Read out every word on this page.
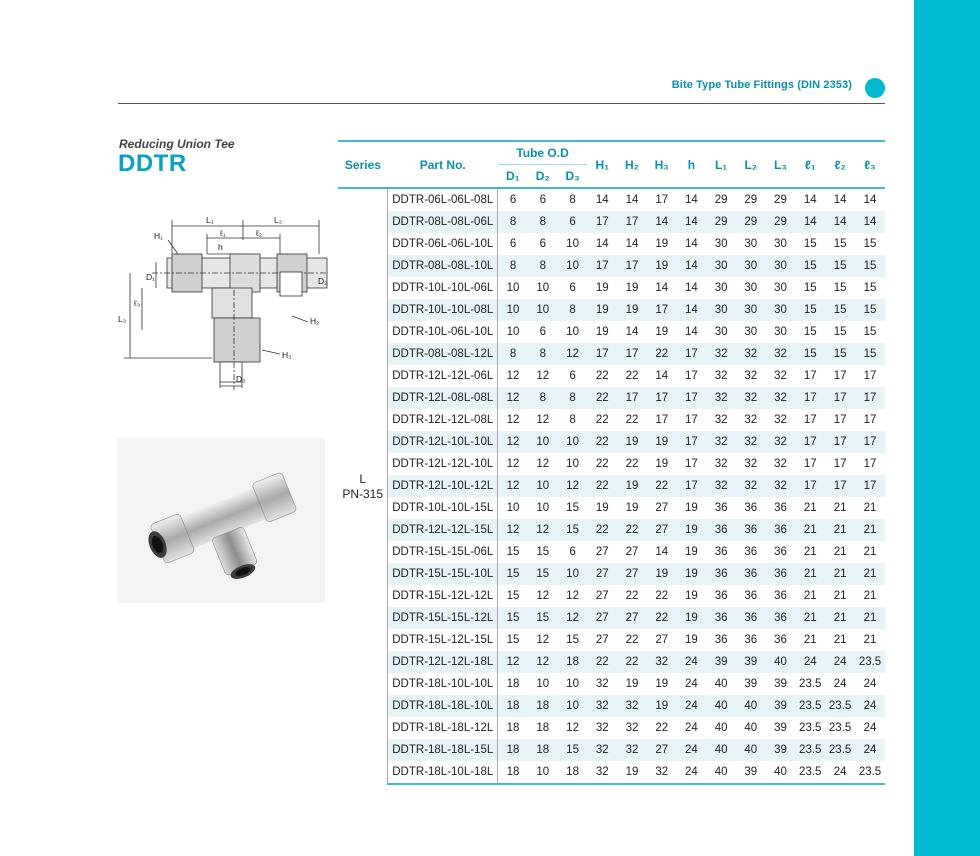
Bite Type Tube Fittings (DIN 2353)
Reducing Union Tee
DDTR
L₁	L₂
H₁	ℓ₁	ℓ₂
h
D₁	D₂
ℓ₃
L₃	H₂
H₃
D₃
Series	Part No.	Tube O.D			H₁	H₂	H₃	h	L₁	L₂	L₃	ℓ₁	ℓ₂	ℓ₃
		D₁	D₂	D₃										

L
PN-315	DDTR-06L-06L-08L	6	6	8	14	14	17	14	29	29	29	14	14	14
	DDTR-08L-08L-06L	8	8	6	17	17	14	14	29	29	29	14	14	14
	DDTR-06L-06L-10L	6	6	10	14	14	19	14	30	30	30	15	15	15
	DDTR-08L-08L-10L	8	8	10	17	17	19	14	30	30	30	15	15	15
	DDTR-10L-10L-06L	10	10	6	19	19	14	14	30	30	30	15	15	15
	DDTR-10L-10L-08L	10	10	8	19	19	17	14	30	30	30	15	15	15
	DDTR-10L-06L-10L	10	6	10	19	14	19	14	30	30	30	15	15	15
	DDTR-08L-08L-12L	8	8	12	17	17	22	17	32	32	32	15	15	15
	DDTR-12L-12L-06L	12	12	6	22	22	14	17	32	32	32	17	17	17
	DDTR-12L-08L-08L	12	8	8	22	17	17	17	32	32	32	17	17	17
	DDTR-12L-12L-08L	12	12	8	22	22	17	17	32	32	32	17	17	17
	DDTR-12L-10L-10L	12	10	10	22	19	19	17	32	32	32	17	17	17
	DDTR-12L-12L-10L	12	12	10	22	22	19	17	32	32	32	17	17	17
	DDTR-12L-10L-12L	12	10	12	22	19	22	17	32	32	32	17	17	17
	DDTR-10L-10L-15L	10	10	15	19	19	27	19	36	36	36	21	21	21
	DDTR-12L-12L-15L	12	12	15	22	22	27	19	36	36	36	21	21	21
	DDTR-15L-15L-06L	15	15	6	27	27	14	19	36	36	36	21	21	21
	DDTR-15L-15L-10L	15	15	10	27	27	19	19	36	36	36	21	21	21
	DDTR-15L-12L-12L	15	12	12	27	22	22	19	36	36	36	21	21	21
	DDTR-15L-15L-12L	15	15	12	27	27	22	19	36	36	36	21	21	21
	DDTR-15L-12L-15L	15	12	15	27	22	27	19	36	36	36	21	21	21
	DDTR-12L-12L-18L	12	12	18	22	22	32	24	39	39	40	24	24	23.5
	DDTR-18L-10L-10L	18	10	10	32	19	19	24	40	39	39	23.5	24	24
	DDTR-18L-18L-10L	18	18	10	32	32	19	24	40	40	39	23.5	23.5	24
	DDTR-18L-18L-12L	18	18	12	32	32	22	24	40	40	39	23.5	23.5	24
	DDTR-18L-18L-15L	18	18	15	32	32	27	24	40	40	39	23.5	23.5	24
	DDTR-18L-10L-18L	18	10	18	32	19	32	24	40	39	40	23.5	24	23.5
